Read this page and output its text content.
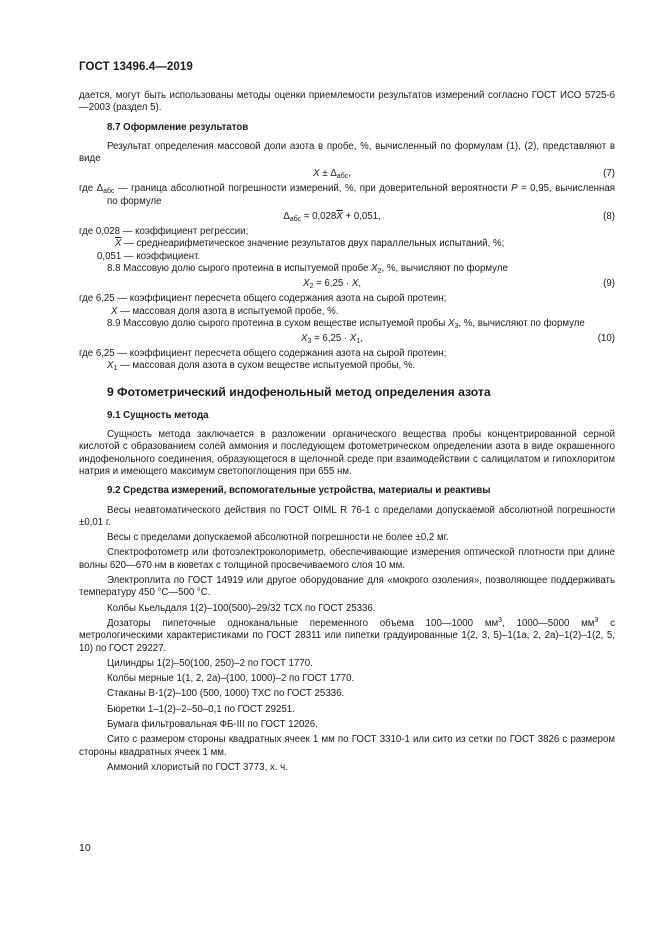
ГОСТ 13496.4—2019

дается, могут быть использованы методы оценки приемлемости результатов измерений согласно ГОСТ ИСО 5725-6—2003 (раздел 5).

8.7 Оформление результатов

Результат определения массовой доли азота в пробе, %, вычисленный по формулам (1), (2), представляют в виде

$X \pm \Delta_{абс}$,	(7)

где $\Delta_{абс}$ — граница абсолютной погрешности измерений, %, при доверительной вероятности P = 0,95, вычисленная по формуле

$\Delta_{абс} = 0,028\overline{X} + 0,051$,	(8)

где 0,028 — коэффициент регрессии;

$\overline{X}$ — среднеарифметическое значение результатов двух параллельных испытаний, %;

0,051 — коэффициент.

8.8 Массовую долю сырого протеина в испытуемой пробе $X_2$, %, вычисляют по формуле

$X_2 = 6,25 \cdot X$,	(9)

где 6,25 — коэффициент пересчета общего содержания азота на сырой протеин;

X — массовая доля азота в испытуемой пробе, %.

8.9 Массовую долю сырого протеина в сухом веществе испытуемой пробы $X_3$, %, вычисляют по формуле

$X_3 = 6,25 \cdot X_1$,	(10)

где 6,25 — коэффициент пересчета общего содержания азота на сырой протеин;

$X_1$ — массовая доля азота в сухом веществе испытуемой пробы, %.

9 Фотометрический индофенольный метод определения азота

9.1 Сущность метода

Сущность метода заключается в разложении органического вещества пробы концентрированной серной кислотой с образованием солей аммония и последующем фотометрическом определении азота в виде окрашенного индофенольного соединения, образующегося в щелочной среде при взаимодействии с салицилатом и гипохлоритом натрия и имеющего максимум светопоглощения при 655 нм.

9.2 Средства измерений, вспомогательные устройства, материалы и реактивы

Весы неавтоматического действия по ГОСТ OIML R 76-1 с пределами допускаемой абсолютной погрешности ±0,01 г.

Весы с пределами допускаемой абсолютной погрешности не более ±0,2 мг.

Спектрофотометр или фотоэлектроколориметр, обеспечивающие измерения оптической плотности при длине волны 620—670 нм в кюветах с толщиной просвечиваемого слоя 10 мм.

Электроплита по ГОСТ 14919 или другое оборудование для «мокрого озоления», позволяющее поддерживать температуру 450 °С—500 °С.

Колбы Кьельдаля 1(2)–100(500)–29/32 ТСХ по ГОСТ 25336.

Дозаторы пипеточные одноканальные переменного объема 100—1000 $мм^3$, 1000—5000 $мм^3$ с метрологическими характеристиками по ГОСТ 28311 или пипетки градуированные 1(2, 3, 5)–1(1а, 2, 2а)–1(2)–1(2, 5, 10) по ГОСТ 29227.

Цилиндры 1(2)–50(100, 250)–2 по ГОСТ 1770.

Колбы мерные 1(1, 2, 2а)–(100, 1000)–2 по ГОСТ 1770.

Стаканы В-1(2)–100 (500, 1000) ТХС по ГОСТ 25336.

Бюретки 1–1(2)–2–50–0,1 по ГОСТ 29251.

Бумага фильтровальная ФБ-III по ГОСТ 12026.

Сито с размером стороны квадратных ячеек 1 мм по ГОСТ 3310-1 или сито из сетки по ГОСТ 3826 с размером стороны квадратных ячеек 1 мм.

Аммоний хлористый по ГОСТ 3773, х. ч.

10
